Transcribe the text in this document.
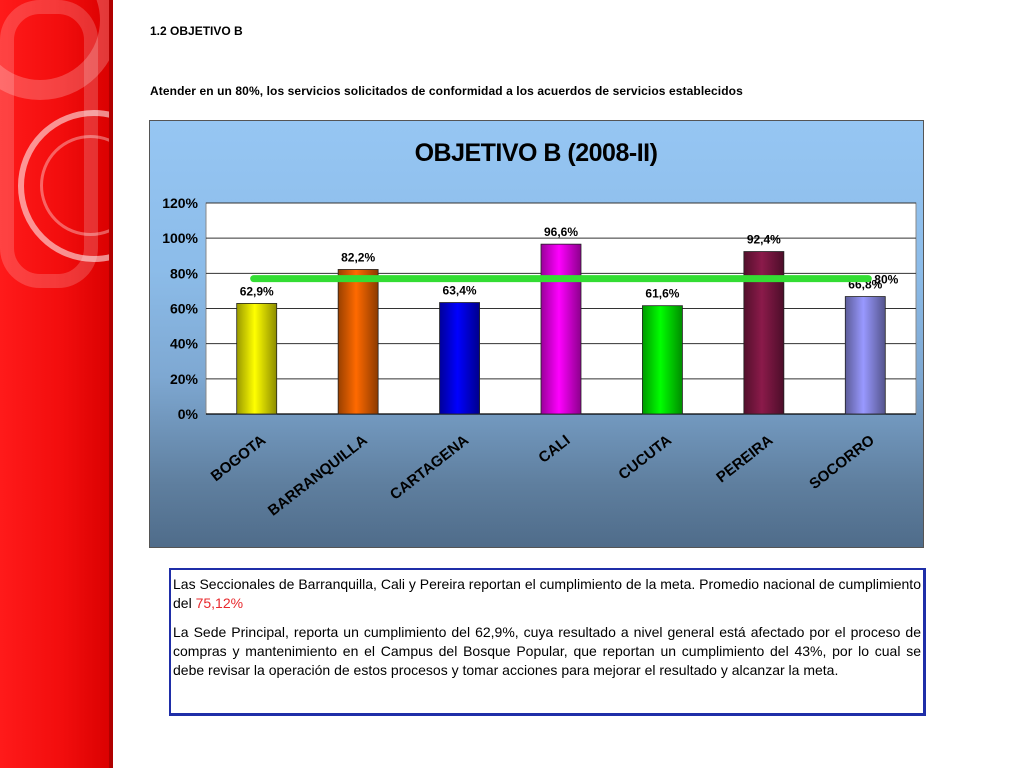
1.2 OBJETIVO B
Atender en un 80%, los servicios solicitados de conformidad a los acuerdos de servicios establecidos
OBJETIVO B (2008-II)
0%
20%
40%
60%
80%
100%
120%
62,9%
82,2%
63,4%
96,6%
61,6%
92,4%
66,8%
80%
BOGOTA
BARRANQUILLA CARTAGENA	CALI	CUCUTA	PEREIRA SOCORRO

Las Seccionales de Barranquilla, Cali y Pereira reportan el cumplimiento de la meta. Promedio nacional de cumplimiento del 75,12%

La Sede Principal, reporta un cumplimiento del 62,9%, cuya resultado a nivel general está afectado por el proceso de compras y mantenimiento en el Campus del Bosque Popular, que reportan un cumplimiento del 43%, por lo cual se debe revisar la operación de estos procesos y tomar acciones para mejorar el resultado y alcanzar la meta.
